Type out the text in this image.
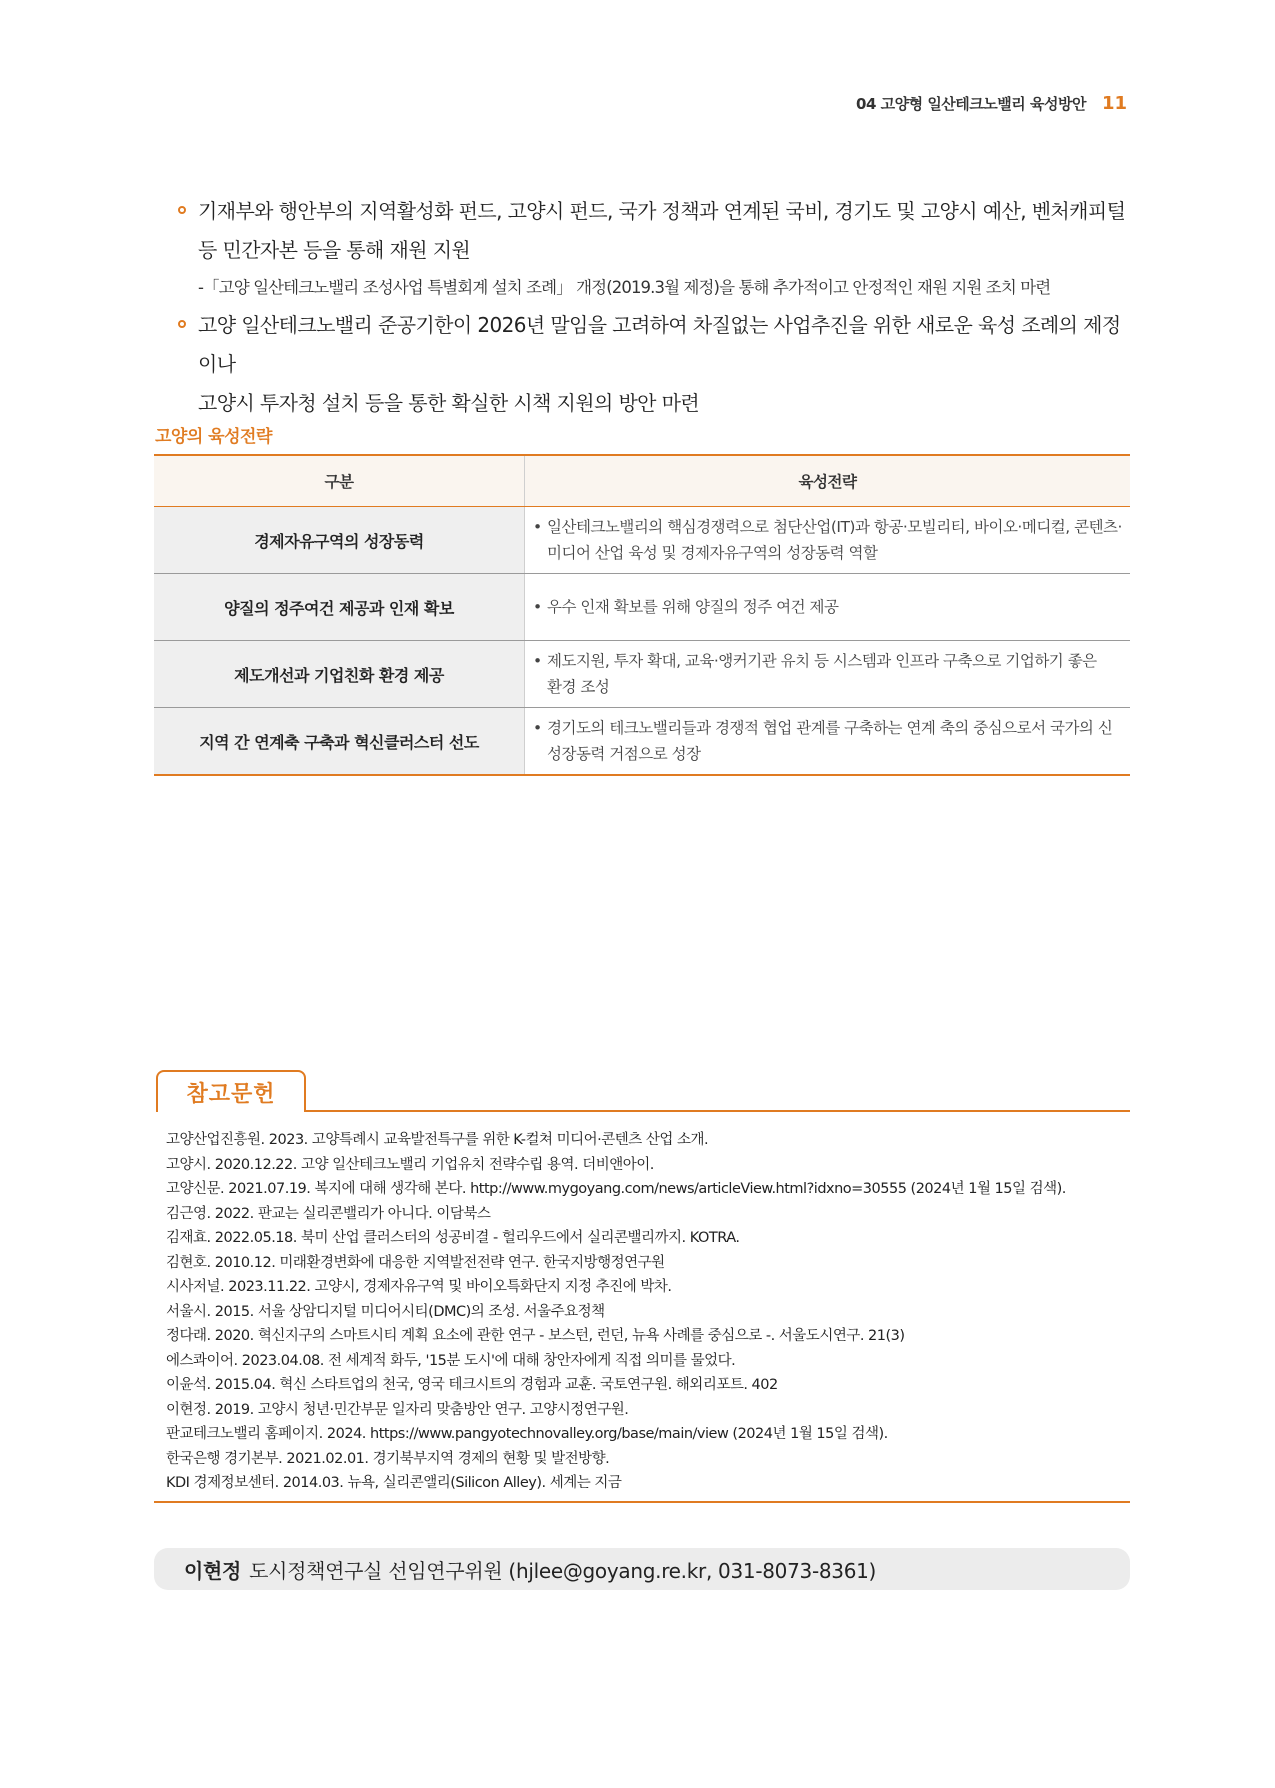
04 고양형 일산테크노밸리 육성방안 11
기재부와 행안부의 지역활성화 펀드, 고양시 펀드, 국가 정책과 연계된 국비, 경기도 및 고양시 예산, 벤처캐피털
등 민간자본 등을 통해 재원 지원
-「고양 일산테크노밸리 조성사업 특별회계 설치 조례」 개정(2019.3월 제정)을 통해 추가적이고 안정적인 재원 지원 조치 마련
고양 일산테크노밸리 준공기한이 2026년 말임을 고려하여 차질없는 사업추진을 위한 새로운 육성 조례의 제정이나
고양시 투자청 설치 등을 통한 확실한 시책 지원의 방안 마련
고양의 육성전략
구분	육성전략
경제자유구역의 성장동력	• 일산테크노밸리의 핵심경쟁력으로 첨단산업(IT)과 항공·모빌리티, 바이오·메디컬, 콘텐츠·
미디어 산업 육성 및 경제자유구역의 성장동력 역할

양질의 정주여건 제공과 인재 확보	• 우수 인재 확보를 위해 양질의 정주 여건 제공

제도개선과 기업친화 환경 제공	• 제도지원, 투자 확대, 교육·앵커기관 유치 등 시스템과 인프라 구축으로 기업하기 좋은
환경 조성

지역 간 연계축 구축과 혁신클러스터 선도	• 경기도의 테크노밸리들과 경쟁적 협업 관계를 구축하는 연계 축의 중심으로서 국가의 신
성장동력 거점으로 성장
참고문헌
고양산업진흥원. 2023. 고양특례시 교육발전특구를 위한 K-컬쳐 미디어·콘텐츠 산업 소개.
고양시. 2020.12.22. 고양 일산테크노밸리 기업유치 전략수립 용역. 더비앤아이.
고양신문. 2021.07.19. 복지에 대해 생각해 본다. http://www.mygoyang.com/news/articleView.html?idxno=30555 (2024년 1월 15일 검색).
김근영. 2022. 판교는 실리콘밸리가 아니다. 이담북스
김재효. 2022.05.18. 북미 산업 클러스터의 성공비결 - 헐리우드에서 실리콘밸리까지. KOTRA.
김현호. 2010.12. 미래환경변화에 대응한 지역발전전략 연구. 한국지방행정연구원
시사저널. 2023.11.22. 고양시, 경제자유구역 및 바이오특화단지 지정 추진에 박차.
서울시. 2015. 서울 상암디지털 미디어시티(DMC)의 조성. 서울주요정책
정다래. 2020. 혁신지구의 스마트시티 계획 요소에 관한 연구 - 보스턴, 런던, 뉴욕 사례를 중심으로 -. 서울도시연구. 21(3)
에스콰이어. 2023.04.08. 전 세계적 화두, '15분 도시'에 대해 창안자에게 직접 의미를 물었다.
이윤석. 2015.04. 혁신 스타트업의 천국, 영국 테크시트의 경험과 교훈. 국토연구원. 해외리포트. 402
이현정. 2019. 고양시 청년·민간부문 일자리 맞춤방안 연구. 고양시정연구원.
판교테크노밸리 홈페이지. 2024. https://www.pangyotechnovalley.org/base/main/view (2024년 1월 15일 검색).
한국은행 경기본부. 2021.02.01. 경기북부지역 경제의 현황 및 발전방향.
KDI 경제정보센터. 2014.03. 뉴욕, 실리콘앨리(Silicon Alley). 세계는 지금
이현정 도시정책연구실 선임연구위원 (hjlee@goyang.re.kr, 031-8073-8361)
